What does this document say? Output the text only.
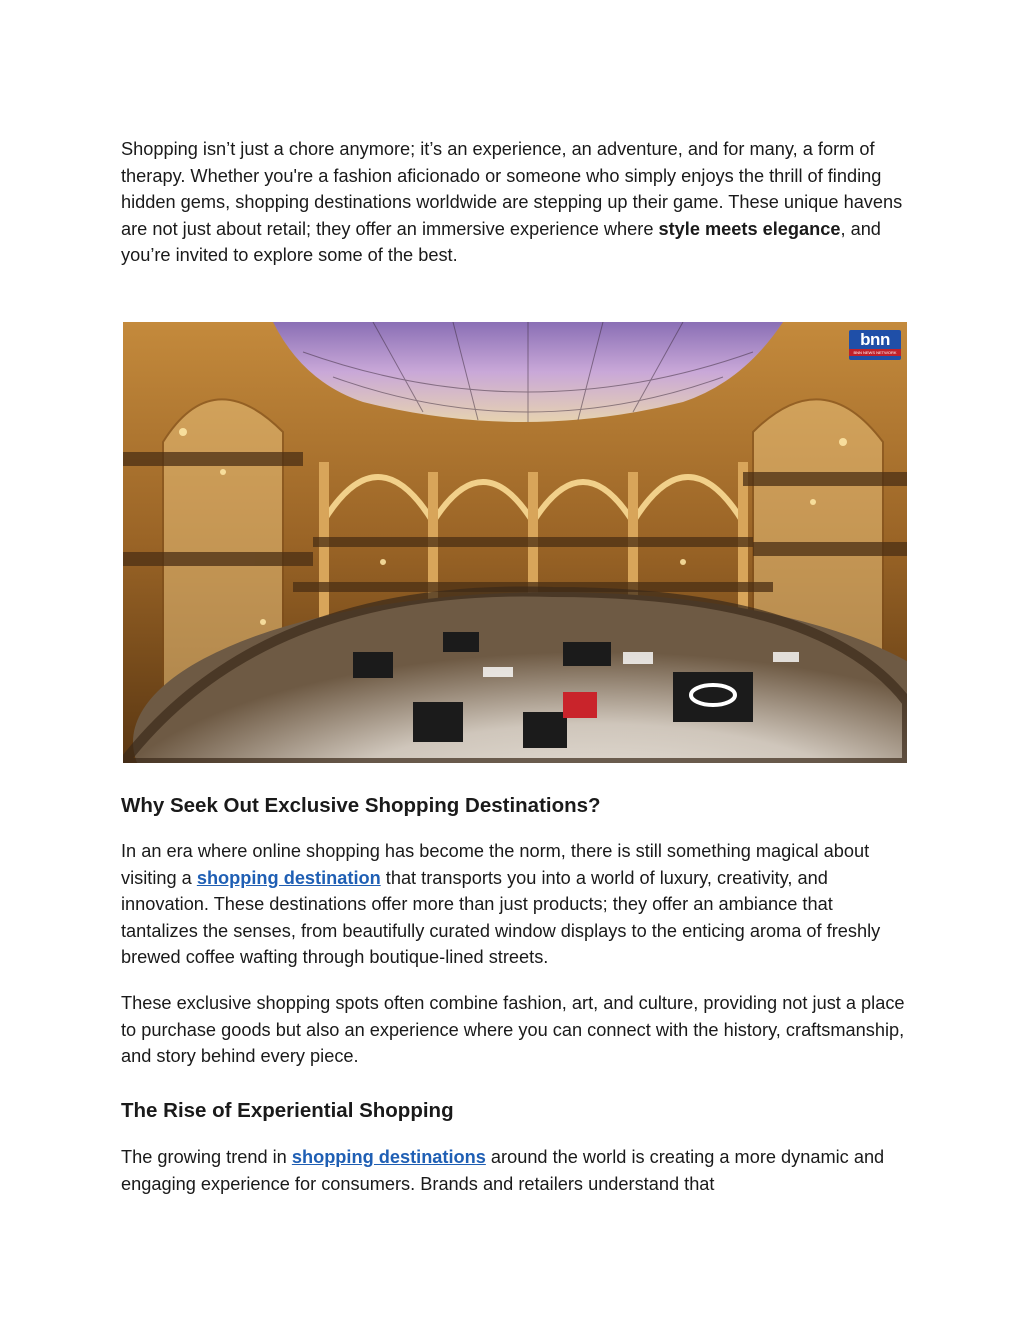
Shopping isn’t just a chore anymore; it’s an experience, an adventure, and for many, a form of therapy. Whether you're a fashion aficionado or someone who simply enjoys the thrill of finding hidden gems, shopping destinations worldwide are stepping up their game. These unique havens are not just about retail; they offer an immersive experience where style meets elegance, and you’re invited to explore some of the best.

bnn
BNN NEWS NETWORK
Why Seek Out Exclusive Shopping Destinations?

In an era where online shopping has become the norm, there is still something magical about visiting a shopping destination that transports you into a world of luxury, creativity, and innovation. These destinations offer more than just products; they offer an ambiance that tantalizes the senses, from beautifully curated window displays to the enticing aroma of freshly brewed coffee wafting through boutique-lined streets.

These exclusive shopping spots often combine fashion, art, and culture, providing not just a place to purchase goods but also an experience where you can connect with the history, craftsmanship, and story behind every piece.

The Rise of Experiential Shopping

The growing trend in shopping destinations around the world is creating a more dynamic and engaging experience for consumers. Brands and retailers understand that
